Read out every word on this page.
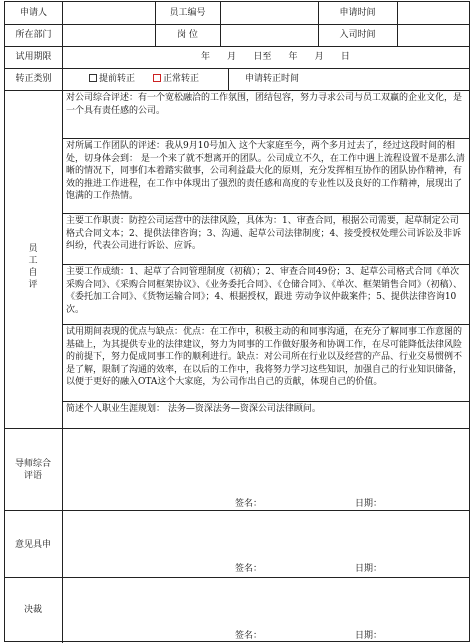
申请人	员工编号	申请时间
所在部门	岗 位	入司时间
试用期限	年      月      日至      年      月      日
转正类别	提前转正	正常转正	申请转正时间
员工自评
对公司综合评述：有一个宽松融洽的工作氛围，团结包容，努力寻求公司与员工双赢的企业文化，是一个具有责任感的公司。
对所属工作团队的评述：我从9月10号加入 这个大家庭至今，两个多月过去了，经过这段时间的相处，切身体会到： 是一个来了就不想离开的团队。公司成立不久，在工作中遇上流程设置不是那么清晰的情况下，同事们本着踏实做事，公司利益最大化的原则，充分发挥相互协作的团队协作精神，有效的推进工作进程，在工作中体现出了强烈的责任感和高度的专业性以及良好的工作精神，展现出了饱满的工作热情。
主要工作职责：防控公司运营中的法律风险，具体为：1、审查合同，根据公司需要，起草制定公司格式合同文本；2、提供法律咨询；3、沟通、起草公司法律制度；4、接受授权处理公司诉讼及非诉纠纷，代表公司进行诉讼、应诉。
主要工作成绩：1、起草了合同管理制度（初稿）；2、审查合同49份；3、起草公司格式合同《单次采购合同》、《采购合同框架协议》、《业务委托合同》、《仓储合同》、《单次、框架销售合同》（初稿）、《委托加工合同》、《货物运输合同》；4、根据授权，跟进 劳动争议仲裁案件；5、提供法律咨询10次。
试用期间表现的优点与缺点：优点：在工作中，积极主动的和同事沟通，在充分了解同事工作意图的基础上，为其提供专业的法律建议，努力为同事的工作做好服务和协调工作，在尽可能降低法律风险的前提下，努力促成同事工作的顺利进行。缺点：对公司所在行业以及经营的产品、行业交易惯例不是了解，限制了沟通的效率，在以后的工作中，我将努力学习这些知识，加强自己的行业知识储备，以便于更好的融入OTA这个大家庭，为公司作出自己的贡献，体现自己的价值。
简述个人职业生涯规划： 法务—资深法务—资深公司法律顾问。
导师综合评语
签名：	日期：
意见具申
签名：	日期：
决裁
签名：	日期：
